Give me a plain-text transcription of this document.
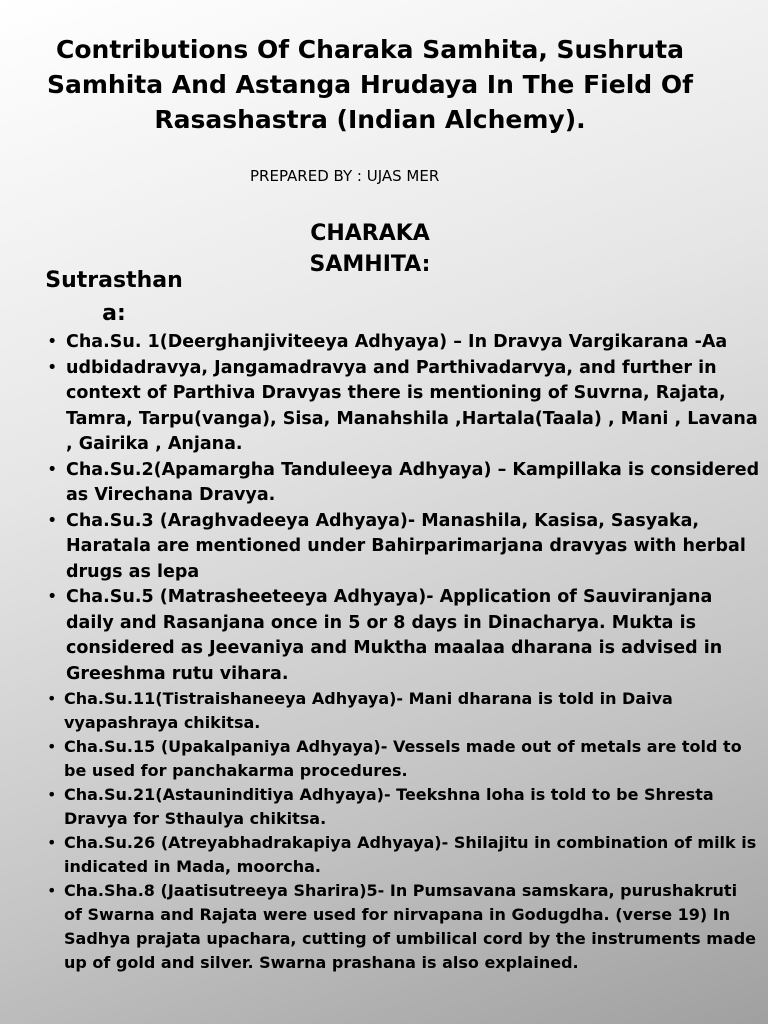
Contributions Of Charaka Samhita, Sushruta Samhita And Astanga Hrudaya In The Field Of Rasashastra (Indian Alchemy).
PREPARED BY : UJAS MER
CHARAKA SAMHITA:
Sutrasthana:
• Cha.Su. 1(Deerghanjiviteeya Adhyaya) – In Dravya Vargikarana -Aa
• udbidadravya, Jangamadravya and Parthivadarvya, and further in context of Parthiva Dravyas there is mentioning of Suvrna, Rajata, Tamra, Tarpu(vanga), Sisa, Manahshila ,Hartala(Taala) , Mani , Lavana , Gairika , Anjana.
• Cha.Su.2(Apamargha Tanduleeya Adhyaya) – Kampillaka is considered as Virechana Dravya.
• Cha.Su.3 (Araghvadeeya Adhyaya)- Manashila, Kasisa, Sasyaka, Haratala are mentioned under Bahirparimarjana dravyas with herbal drugs as lepa
• Cha.Su.5 (Matrasheeteeya Adhyaya)- Application of Sauviranjana daily and Rasanjana once in 5 or 8 days in Dinacharya. Mukta is considered as Jeevaniya and Muktha maalaa dharana is advised in Greeshma rutu vihara.
• Cha.Su.11(Tistraishaneeya Adhyaya)- Mani dharana is told in Daiva vyapashraya chikitsa.
• Cha.Su.15 (Upakalpaniya Adhyaya)- Vessels made out of metals are told to be used for panchakarma procedures.
• Cha.Su.21(Astauninditiya Adhyaya)- Teekshna loha is told to be Shresta Dravya for Sthaulya chikitsa.
• Cha.Su.26 (Atreyabhadrakapiya Adhyaya)- Shilajitu in combination of milk is indicated in Mada, moorcha.
• Cha.Sha.8 (Jaatisutreeya Sharira)5- In Pumsavana samskara, purushakruti of Swarna and Rajata were used for nirvapana in Godugdha. (verse 19) In Sadhya prajata upachara, cutting of umbilical cord by the instruments made up of gold and silver. Swarna prashana is also explained.
